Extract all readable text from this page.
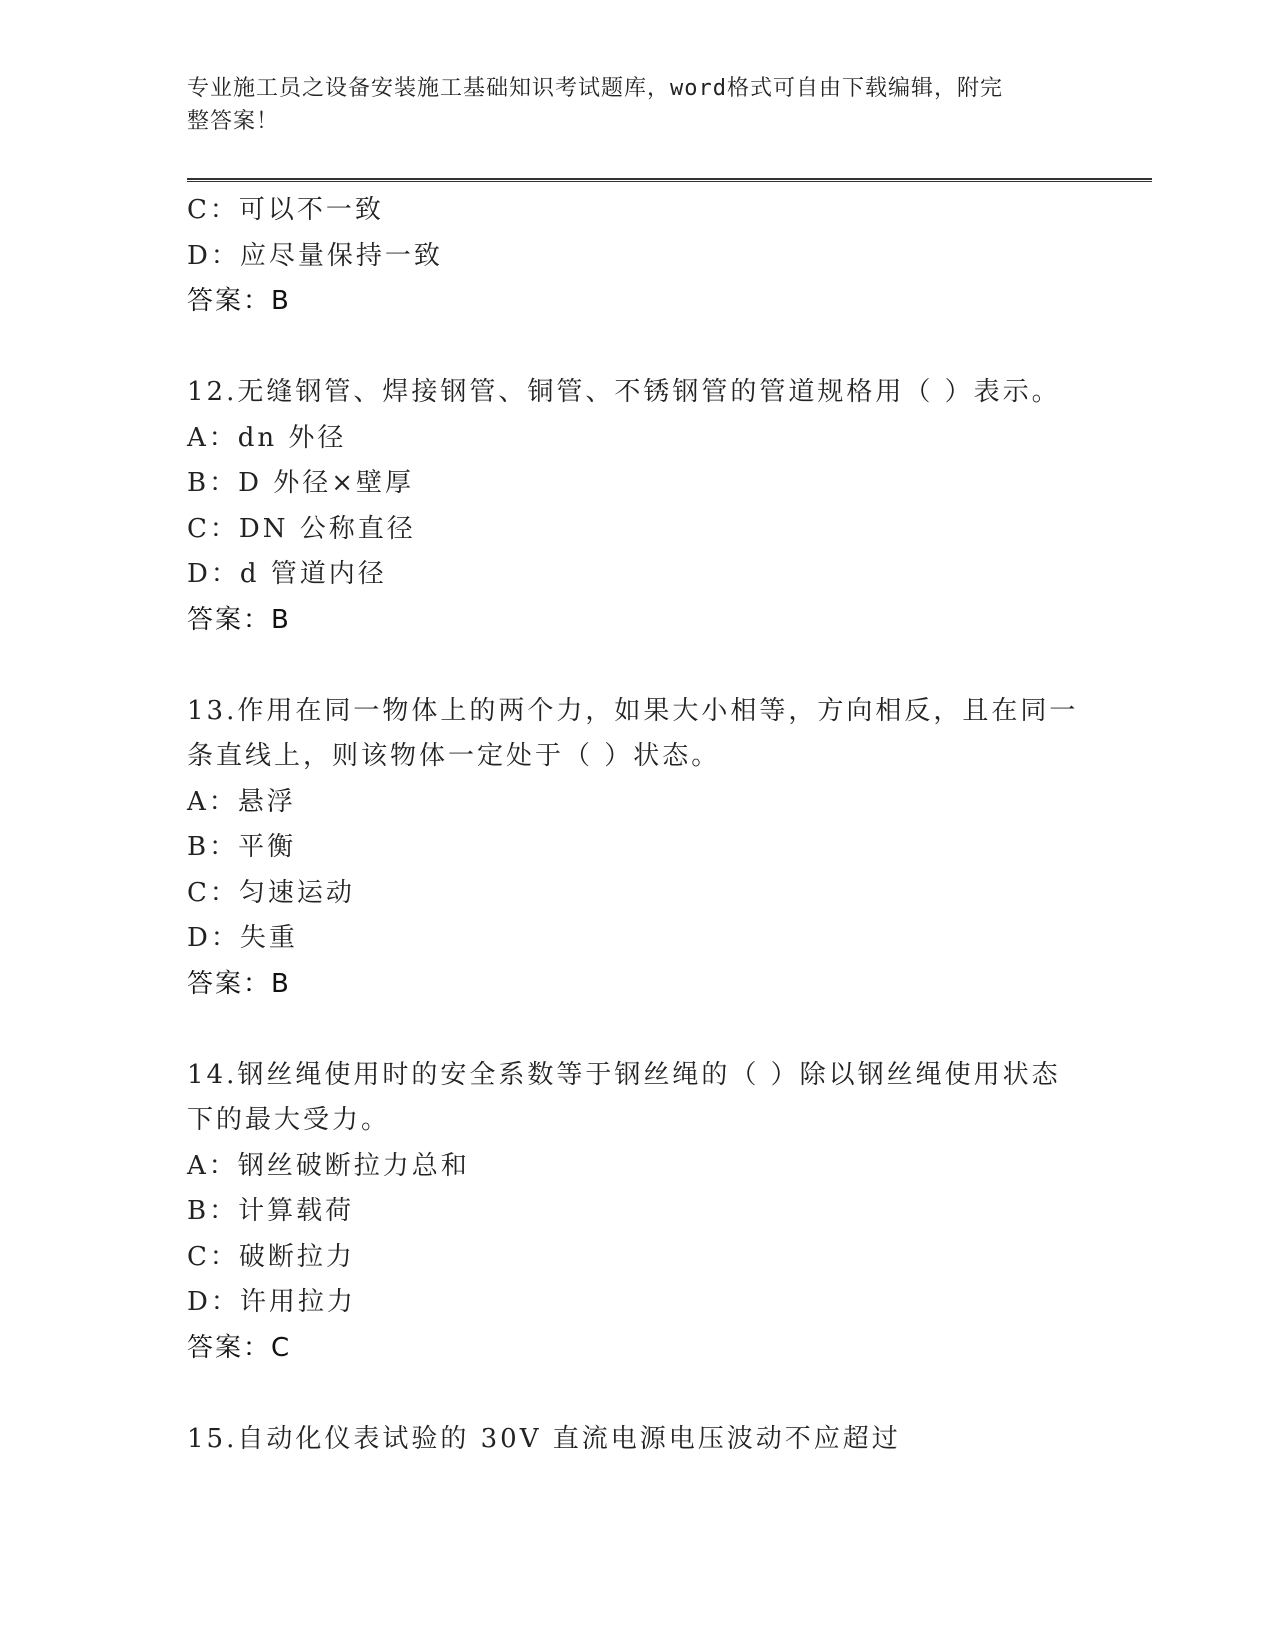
专业施工员之设备安装施工基础知识考试题库，word格式可自由下载编辑，附完
整答案！
C：可以不一致
D：应尽量保持一致
答案：B
12.无缝钢管、焊接钢管、铜管、不锈钢管的管道规格用（ ）表示。
A：dn 外径
B：D 外径×壁厚
C：DN 公称直径
D：d 管道内径
答案：B
13.作用在同一物体上的两个力，如果大小相等，方向相反，且在同一
条直线上，则该物体一定处于（ ）状态。
A：悬浮
B：平衡
C：匀速运动
D：失重
答案：B
14.钢丝绳使用时的安全系数等于钢丝绳的（ ）除以钢丝绳使用状态
下的最大受力。
A：钢丝破断拉力总和
B：计算载荷
C：破断拉力
D：许用拉力
答案：C
15.自动化仪表试验的 30V 直流电源电压波动不应超过
